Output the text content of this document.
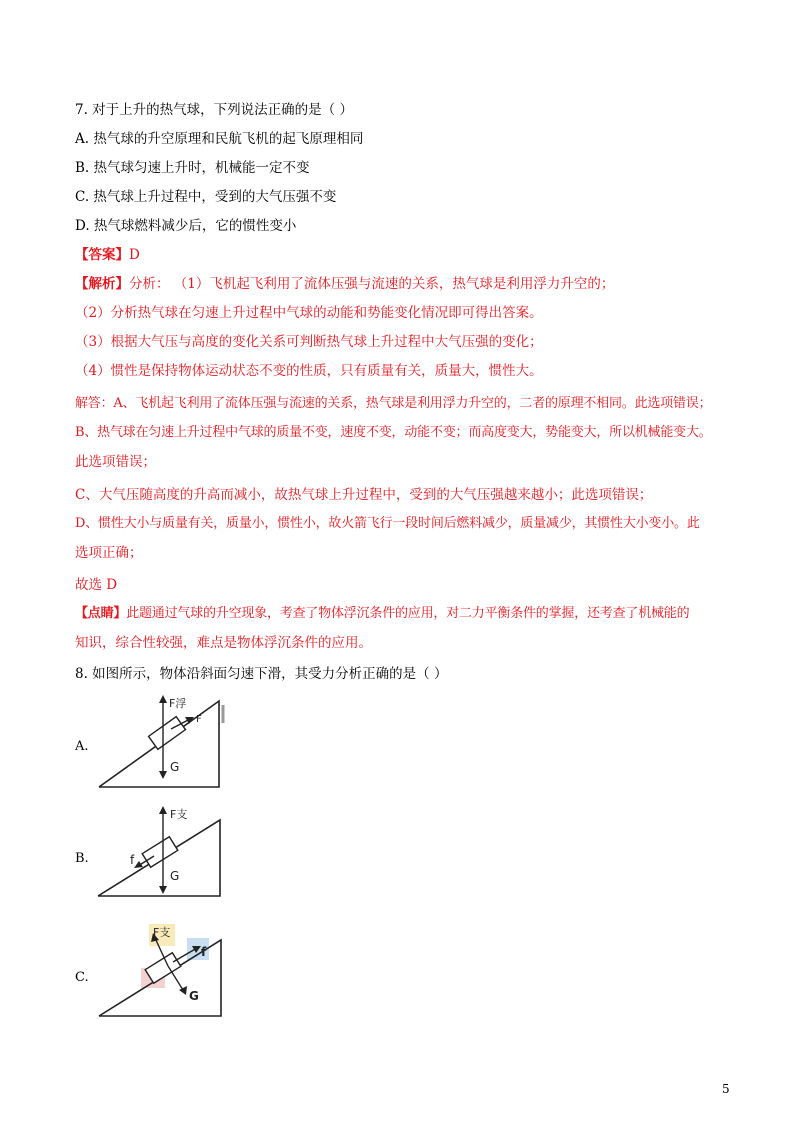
7. 对于上升的热气球，下列说法正确的是（ ）
A. 热气球的升空原理和民航飞机的起飞原理相同
B. 热气球匀速上升时，机械能一定不变
C. 热气球上升过程中，受到的大气压强不变
D. 热气球燃料减少后，它的惯性变小
【答案】D
【解析】分析： （1）飞机起飞利用了流体压强与流速的关系，热气球是利用浮力升空的；
（2）分析热气球在匀速上升过程中气球的动能和势能变化情况即可得出答案。
（3）根据大气压与高度的变化关系可判断热气球上升过程中大气压强的变化；
（4）惯性是保持物体运动状态不变的性质，只有质量有关，质量大，惯性大。
解答：A、飞机起飞利用了流体压强与流速的关系，热气球是利用浮力升空的，二者的原理不相同。此选项错误；
B、热气球在匀速上升过程中气球的质量不变，速度不变，动能不变；而高度变大，势能变大，所以机械能变大。
此选项错误；
C、大气压随高度的升高而减小，故热气球上升过程中，受到的大气压强越来越小；此选项错误；
D、惯性大小与质量有关，质量小，惯性小，故火箭飞行一段时间后燃料减少，质量减少，其惯性大小变小。此
选项正确；
故选 D
【点睛】此题通过气球的升空现象，考查了物体浮沉条件的应用，对二力平衡条件的掌握，还考查了机械能的
知识，综合性较强，难点是物体浮沉条件的应用。
8. 如图所示，物体沿斜面匀速下滑，其受力分析正确的是（ ）
A.
F浮
F
G
B.
F支
f
G
C.
F支
f
G
5
